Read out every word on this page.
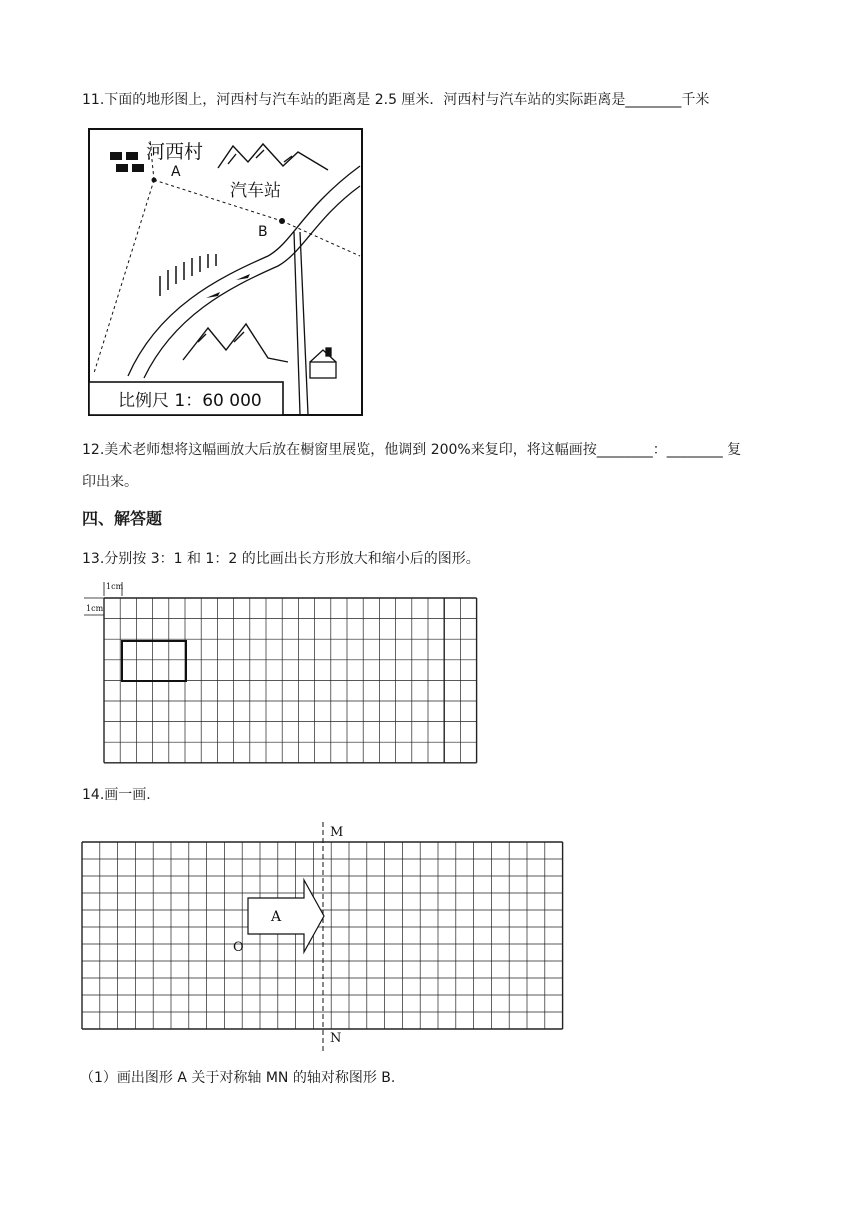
11.下面的地形图上，河西村与汽车站的距离是 2.5 厘米．河西村与汽车站的实际距离是________千米
河西村
A
汽车站
B
比例尺 1：60 000
12.美术老师想将这幅画放大后放在橱窗里展览，他调到 200%来复印，将这幅画按________：________ 复
印出来。
四、解答题
13.分别按 3：1 和 1：2 的比画出长方形放大和缩小后的图形。
1cm
1cm
14.画一画.
A
O
M
N
（1）画出图形 A 关于对称轴 MN 的轴对称图形 B.
